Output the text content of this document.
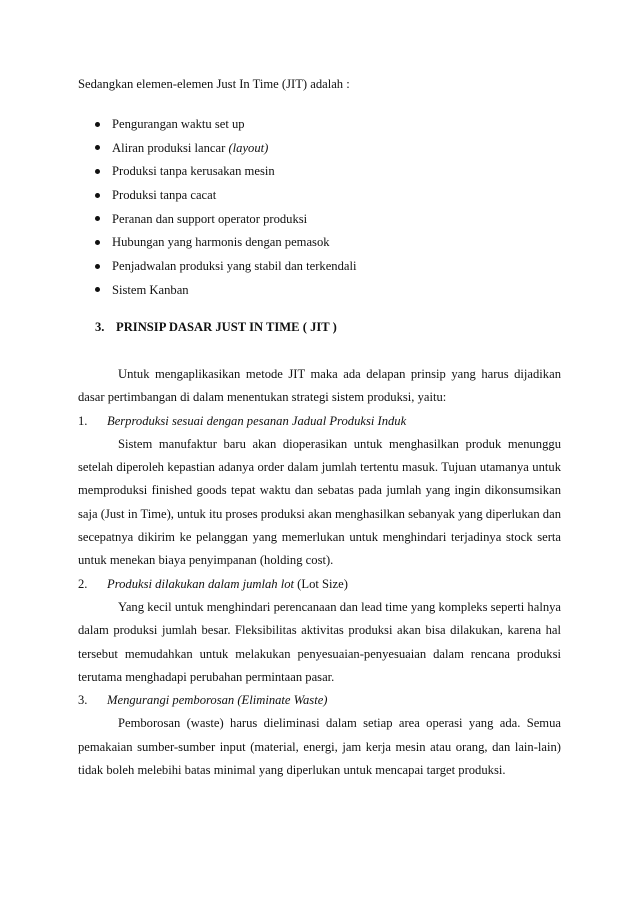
Sedangkan elemen-elemen Just In Time (JIT) adalah :
Pengurangan waktu set up
Aliran produksi lancar (layout)
Produksi tanpa kerusakan mesin
Produksi tanpa cacat
Peranan dan support operator produksi
Hubungan yang harmonis dengan pemasok
Penjadwalan produksi yang stabil dan terkendali
Sistem Kanban
3. PRINSIP DASAR JUST IN TIME ( JIT )

Untuk mengaplikasikan metode JIT maka ada delapan prinsip yang harus dijadikan dasar pertimbangan di dalam menentukan strategi sistem produksi, yaitu:

1. Berproduksi sesuai dengan pesanan Jadual Produksi Induk

Sistem manufaktur baru akan dioperasikan untuk menghasilkan produk menunggu setelah diperoleh kepastian adanya order dalam jumlah tertentu masuk. Tujuan utamanya untuk memproduksi finished goods tepat waktu dan sebatas pada jumlah yang ingin dikonsumsikan saja (Just in Time), untuk itu proses produksi akan menghasilkan sebanyak yang diperlukan dan secepatnya dikirim ke pelanggan yang memerlukan untuk menghindari terjadinya stock serta untuk menekan biaya penyimpanan (holding cost).

2. Produksi dilakukan dalam jumlah lot (Lot Size)

Yang kecil untuk menghindari perencanaan dan lead time yang kompleks seperti halnya dalam produksi jumlah besar. Fleksibilitas aktivitas produksi akan bisa dilakukan, karena hal tersebut memudahkan untuk melakukan penyesuaian-penyesuaian dalam rencana produksi terutama menghadapi perubahan permintaan pasar.

3. Mengurangi pemborosan (Eliminate Waste)

Pemborosan (waste) harus dieliminasi dalam setiap area operasi yang ada. Semua pemakaian sumber-sumber input (material, energi, jam kerja mesin atau orang, dan lain-lain) tidak boleh melebihi batas minimal yang diperlukan untuk mencapai target produksi.
